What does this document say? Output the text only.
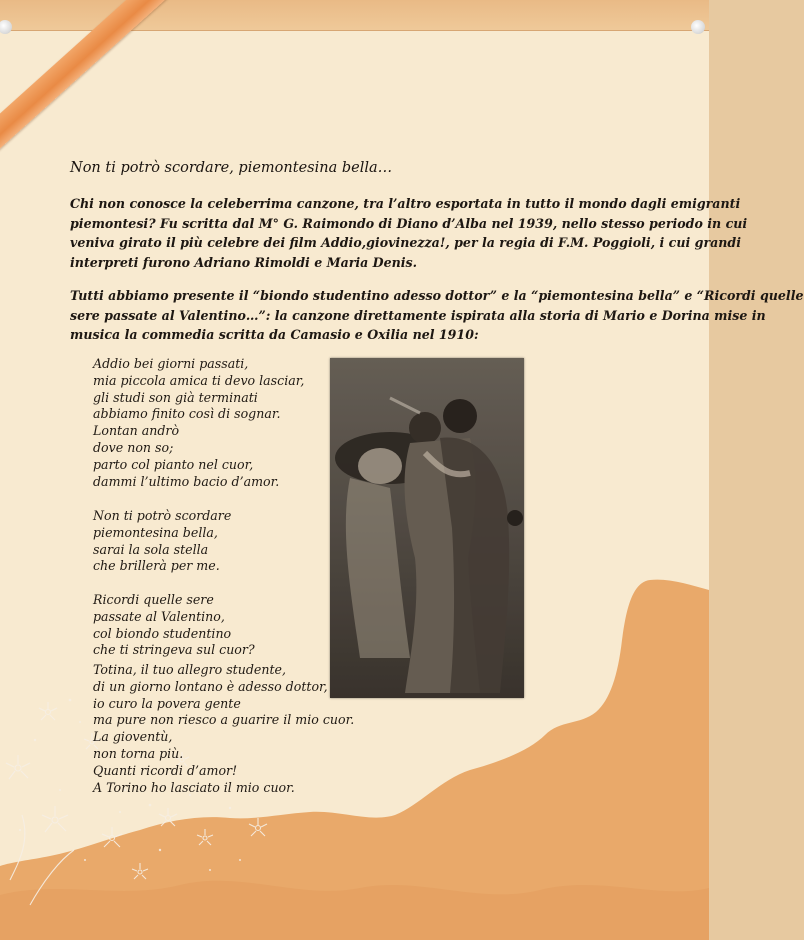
Non ti potrò scordare, piemontesina bella…

Chi non conosce la celeberrima canzone, tra l’altro esportata in tutto il mondo dagli emigranti
piemontesi? Fu scritta dal M° G. Raimondo di Diano d’Alba nel 1939, nello stesso periodo in cui
veniva girato il più celebre dei film Addio,giovinezza!, per la regia di F.M. Poggioli, i cui grandi
interpreti furono Adriano Rimoldi e Maria Denis.

Tutti abbiamo presente il “biondo studentino adesso dottor” e la “piemontesina bella” e “Ricordi quelle
sere passate al Valentino…”: la canzone direttamente ispirata alla storia di Mario e Dorina mise in
musica la commedia scritta da Camasio e Oxilia nel 1910:

Addio bei giorni passati,
mia piccola amica ti devo lasciar,
gli studi son già terminati
abbiamo finito così di sognar.
Lontan andrò
dove non so;
parto col pianto nel cuor,
dammi l’ultimo bacio d’amor.
Non ti potrò scordare
piemontesina bella,
sarai la sola stella
che brillerà per me.
Ricordi quelle sere
passate al Valentino,
col biondo studentino
che ti stringeva sul cuor?
Totina, il tuo allegro studente,
di un giorno lontano è adesso dottor,
io curo la povera gente
ma pure non riesco a guarire il mio cuor.
La gioventù,
non torna più.
Quanti ricordi d’amor!
A Torino ho lasciato il mio cuor.
